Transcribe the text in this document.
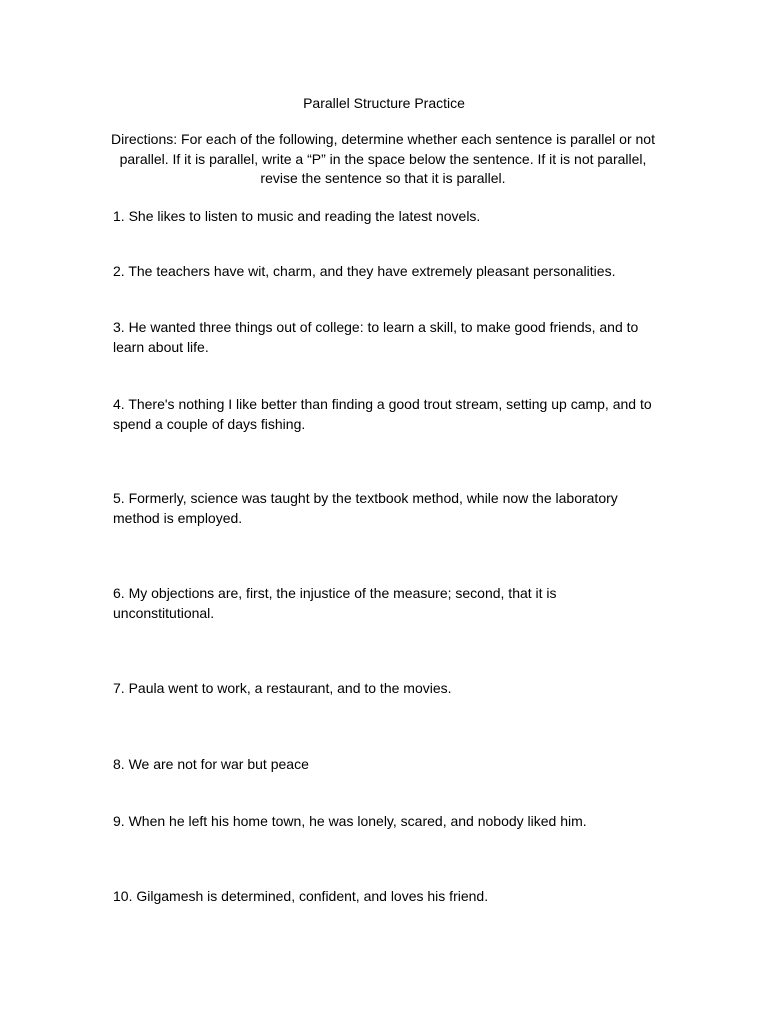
Parallel Structure Practice
Directions: For each of the following, determine whether each sentence is parallel or not parallel. If it is parallel, write a “P” in the space below the sentence. If it is not parallel, revise the sentence so that it is parallel.
1. She likes to listen to music and reading the latest novels.
2. The teachers have wit, charm, and they have extremely pleasant personalities.
3. He wanted three things out of college: to learn a skill, to make good friends, and to learn about life.
4. There's nothing I like better than finding a good trout stream, setting up camp, and to spend a couple of days fishing.
5. Formerly, science was taught by the textbook method, while now the laboratory method is employed.
6. My objections are, first, the injustice of the measure; second, that it is unconstitutional.
7. Paula went to work, a restaurant, and to the movies.
8. We are not for war but peace
9. When he left his home town, he was lonely, scared, and nobody liked him.
10. Gilgamesh is determined, confident, and loves his friend.
